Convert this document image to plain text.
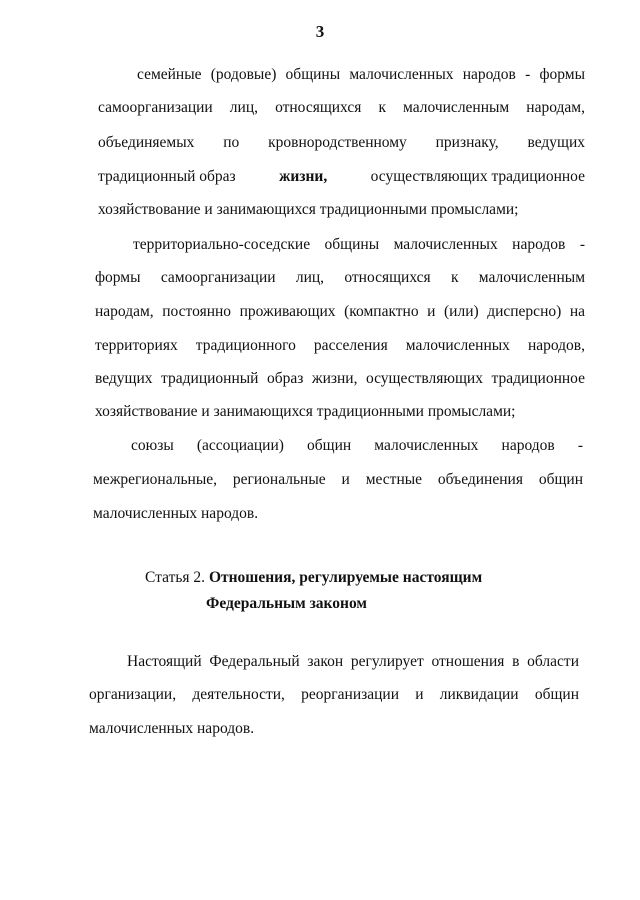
3
семейные (родовые) общины малочисленных народов - формы
самоорганизации лиц, относящихся к малочисленным народам,
объединяемых по кровнородственному признаку, ведущих
традиционный образ	жизни,	осуществляющих традиционное
хозяйствование и занимающихся традиционными промыслами;
территориально-соседские общины малочисленных народов -
формы самоорганизации лиц, относящихся к малочисленным
народам, постоянно проживающих (компактно и (или) дисперсно) на
территориях традиционного расселения малочисленных народов,
ведущих традиционный образ жизни, осуществляющих традиционное
хозяйствование и занимающихся традиционными промыслами;
союзы (ассоциации) общин малочисленных народов -
межрегиональные, региональные и местные объединения общин
малочисленных народов.
Статья 2. Отношения, регулируемые настоящим
Федеральным законом
Настоящий Федеральный закон регулирует отношения в области
организации, деятельности, реорганизации и ликвидации общин
малочисленных народов.
